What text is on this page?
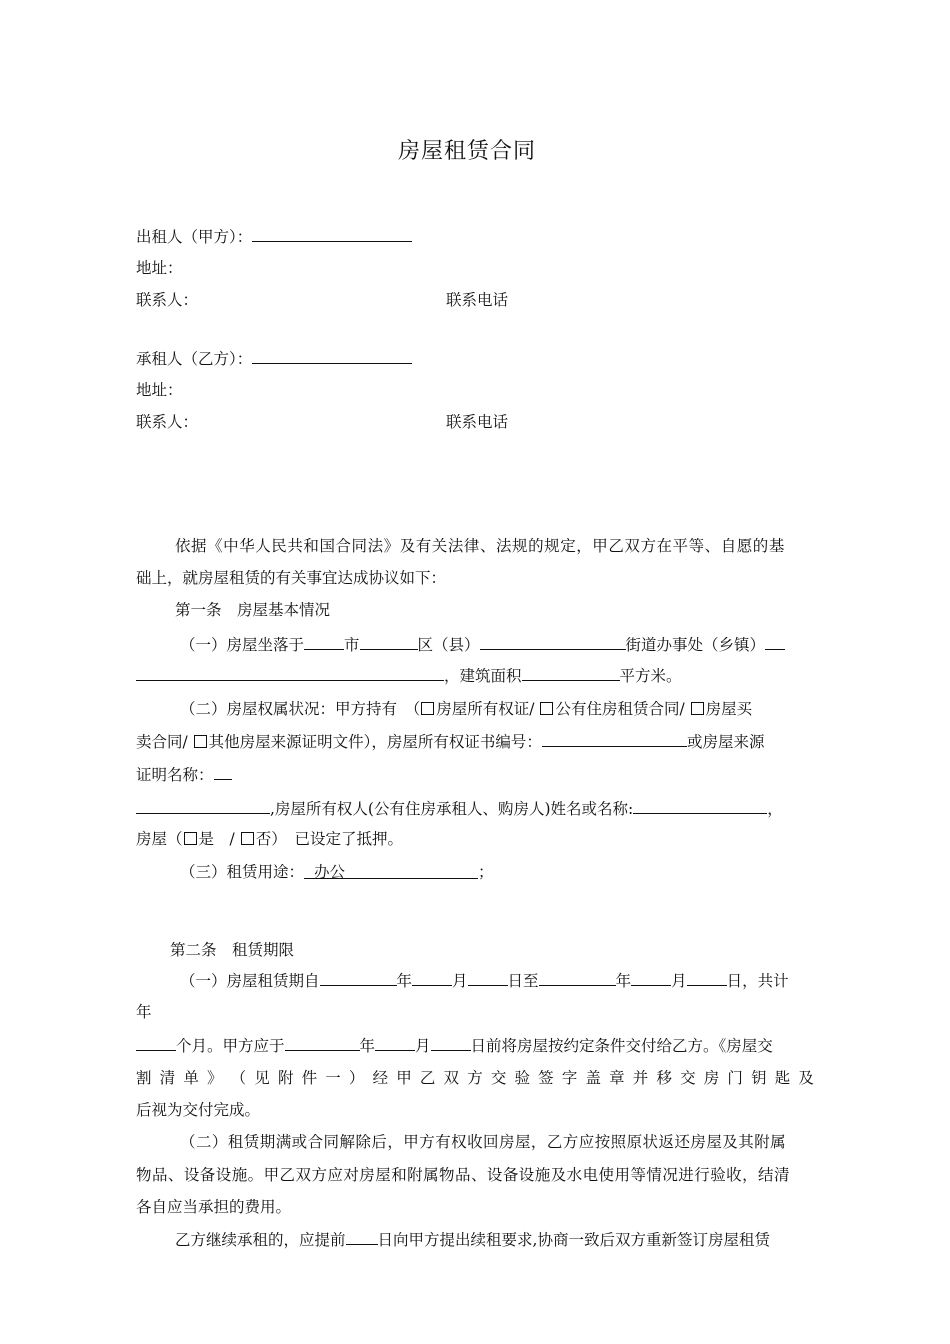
房屋租赁合同
出租人（甲方）：
地址：
联系人：	联系电话
承租人（乙方）：
地址：
联系人：	联系电话
依据《中华人民共和国合同法》及有关法律、法规的规定，甲乙双方在平等、自愿的基
础上，就房屋租赁的有关事宜达成协议如下：
第一条　房屋基本情况
（一）房屋坐落于	市	区（县）	街道办事处（乡镇）
，建筑面积	平方米。
（二）房屋权属状况：甲方持有　（ 房屋所有权证/ 公有住房租赁合同/ 房屋买
卖合同/ 其他房屋来源证明文件），房屋所有权证书编号：	或房屋来源
证明名称：
,房屋所有权人(公有住房承租人、购房人)姓名或名称:	，
房屋（ 是　/ 否）　已设定了抵押。
（三）租赁用途： 办公	；
第二条　租赁期限
（一）房屋租赁期自	年	月	日至	年	月	日，共计
年
个月。甲方应于	年	月	日前将房屋按约定条件交付给乙方。《房屋交
割 清 单 》 （ 见 附 件 一 ） 经 甲 乙 双 方 交 验 签 字 盖 章 并 移 交 房 门 钥 匙 及
后视为交付完成。
（二）租赁期满或合同解除后，甲方有权收回房屋，乙方应按照原状返还房屋及其附属
物品、设备设施。甲乙双方应对房屋和附属物品、设备设施及水电使用等情况进行验收，结清
各自应当承担的费用。
乙方继续承租的，应提前 日向甲方提出续租要求,协商一致后双方重新签订房屋租赁
